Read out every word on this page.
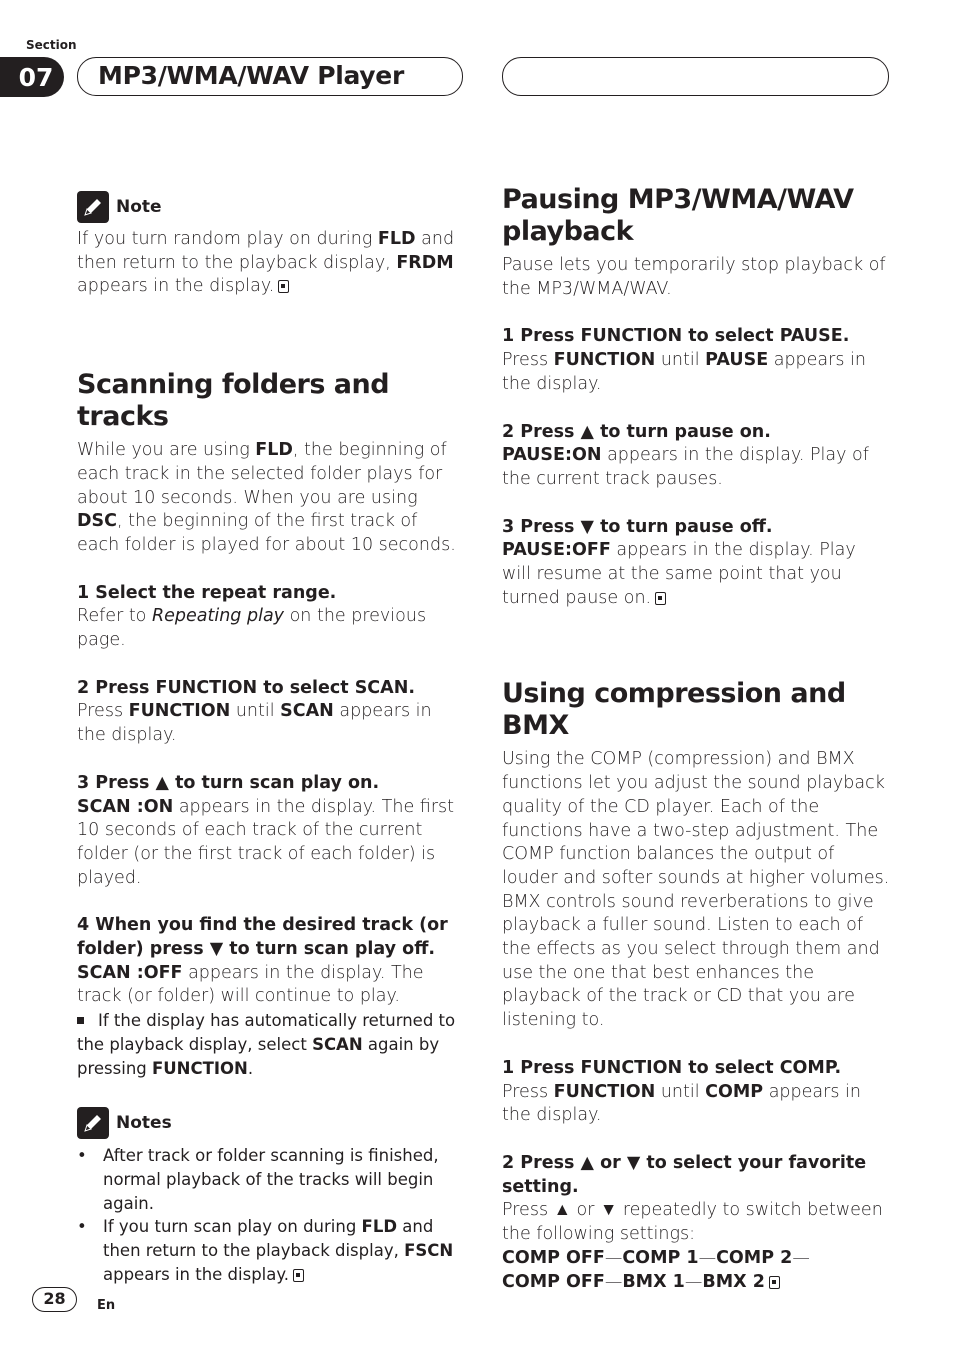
Section
07	MP3/WMA/WAV Player
Note

If you turn random play on during FLD and then return to the playback display, FRDM appears in the display.

Scanning folders and tracks

While you are using FLD, the beginning of each track in the selected folder plays for about 10 seconds. When you are using DSC, the beginning of the first track of each folder is played for about 10 seconds.

1 Select the repeat range.

Refer to Repeating play on the previous page.

2 Press FUNCTION to select SCAN.

Press FUNCTION until SCAN appears in the display.

3 Press ▲ to turn scan play on.

SCAN :ON appears in the display. The first 10 seconds of each track of the current folder (or the first track of each folder) is played.

4 When you find the desired track (or folder) press ▼ to turn scan play off.

SCAN :OFF appears in the display. The track (or folder) will continue to play.

If the display has automatically returned to the playback display, select SCAN again by pressing FUNCTION.

Notes
• After track or folder scanning is finished, normal playback of the tracks will begin again.
• If you turn scan play on during FLD and then return to the playback display, FSCN appears in the display.
Pausing MP3/WMA/WAV playback

Pause lets you temporarily stop playback of the MP3/WMA/WAV.

1 Press FUNCTION to select PAUSE.

Press FUNCTION until PAUSE appears in the display.

2 Press ▲ to turn pause on.

PAUSE:ON appears in the display. Play of the current track pauses.

3 Press ▼ to turn pause off.

PAUSE:OFF appears in the display. Play will resume at the same point that you turned pause on.

Using compression and BMX

Using the COMP (compression) and BMX functions let you adjust the sound playback quality of the CD player. Each of the functions have a two-step adjustment. The COMP function balances the output of louder and softer sounds at higher volumes. BMX controls sound reverberations to give playback a fuller sound. Listen to each of the effects as you select through them and use the one that best enhances the playback of the track or CD that you are listening to.

1 Press FUNCTION to select COMP.

Press FUNCTION until COMP appears in the display.

2 Press ▲ or ▼ to select your favorite setting.

Press ▲ or ▼ repeatedly to switch between the following settings:

COMP OFF—COMP 1—COMP 2—

COMP OFF—BMX 1—BMX 2

28	En
